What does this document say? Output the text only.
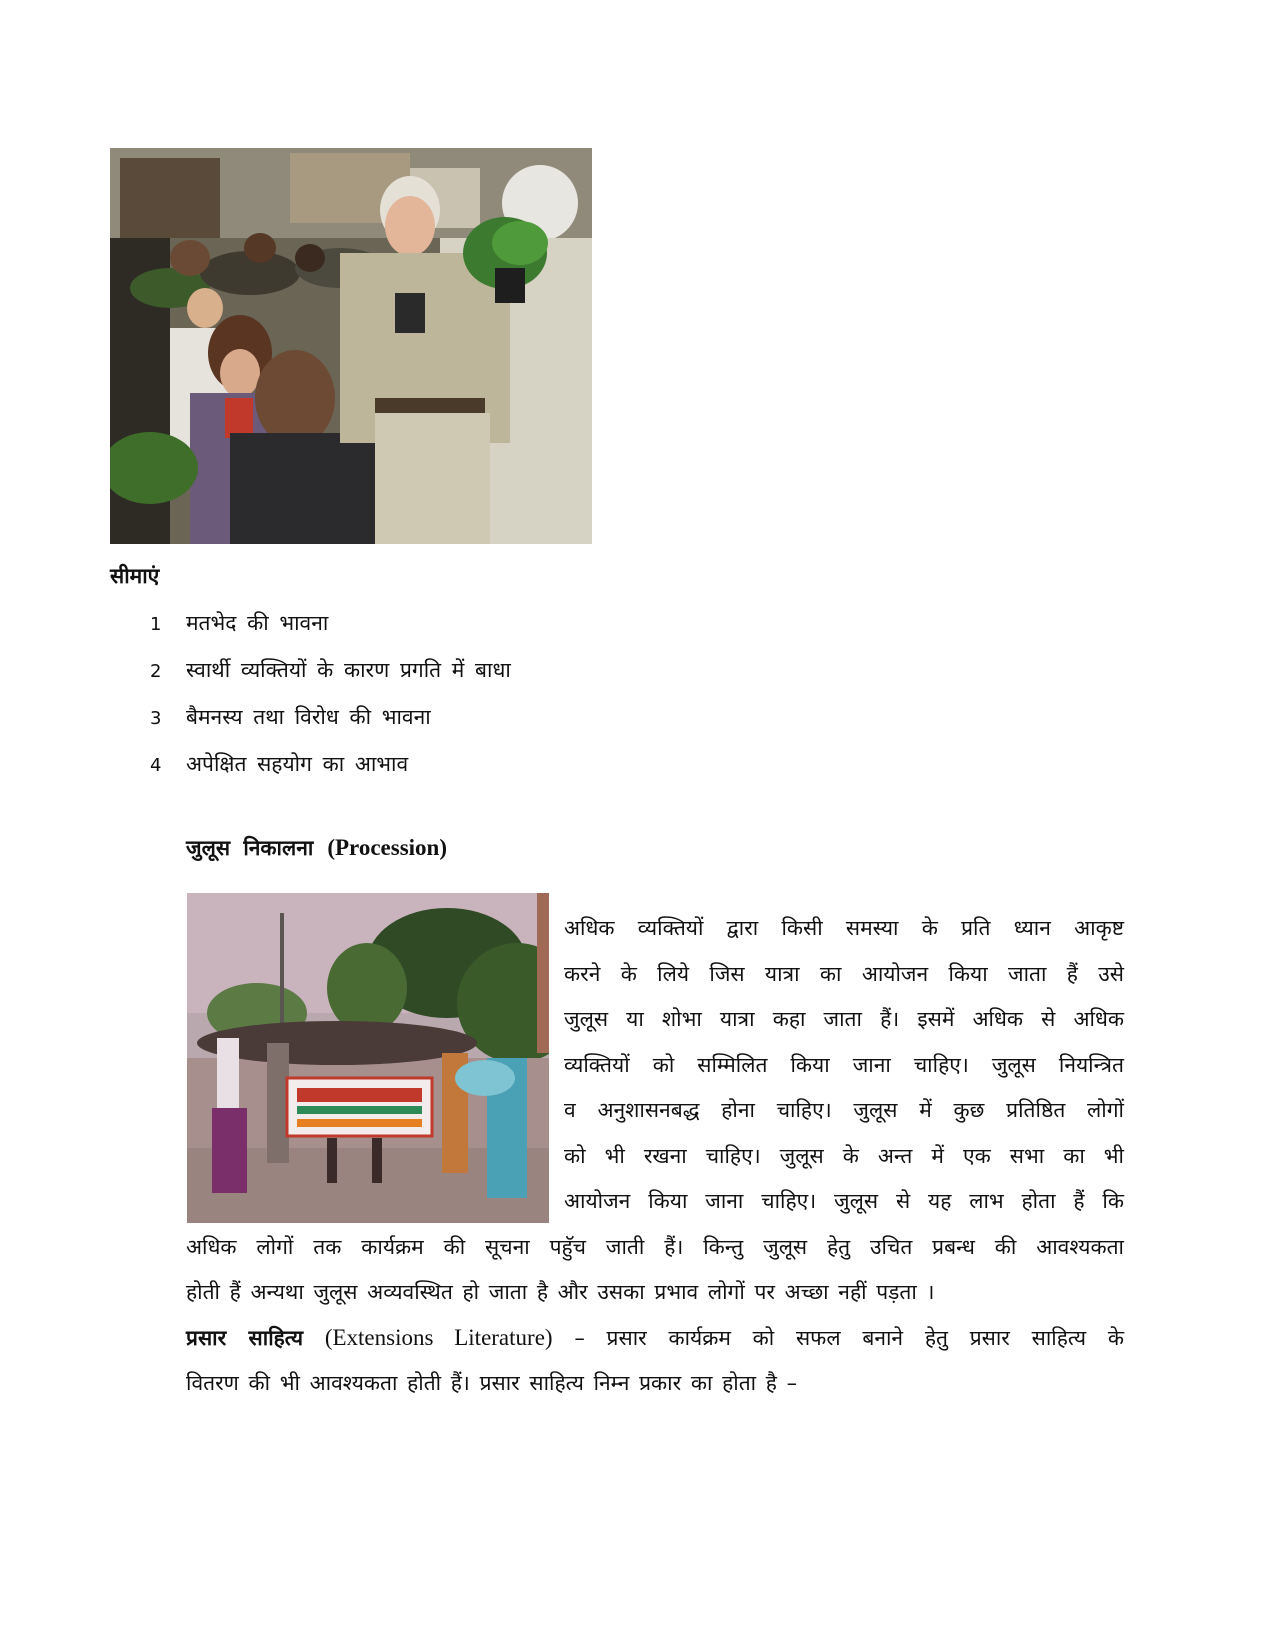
सीमाएं
1 मतभेद की भावना
2 स्वार्थी व्यक्तियों के कारण प्रगति में बाधा
3 बैमनस्य तथा विरोध की भावना
4 अपेक्षित सहयोग का आभाव
जुलूस निकालना (Procession)
अधिक व्यक्तियों द्वारा किसी समस्या के प्रति ध्यान आकृष्ट
करने के लिये जिस यात्रा का आयोजन किया जाता हैं उसे
जुलूस या शोभा यात्रा कहा जाता हैं। इसमें अधिक से अधिक
व्यक्तियों को सम्मिलित किया जाना चाहिए। जुलूस नियन्त्रित
व अनुशासनबद्ध होना चाहिए। जुलूस में कुछ प्रतिष्ठित लोगों
को भी रखना चाहिए। जुलूस के अन्त में एक सभा का भी
आयोजन किया जाना चाहिए। जुलूस से यह लाभ होता हैं कि
अधिक लोगों तक कार्यक्रम की सूचना पहुॅच जाती हैं। किन्तु जुलूस हेतु उचित प्रबन्ध की आवश्यकता
होती हैं अन्यथा जुलूस अव्यवस्थित हो जाता है और उसका प्रभाव लोगों पर अच्छा नहीं पड़ता ।
प्रसार साहित्य (Extensions Literature) – प्रसार कार्यक्रम को सफल बनाने हेतु प्रसार साहित्य के
वितरण की भी आवश्यकता होती हैं। प्रसार साहित्य निम्न प्रकार का होता है –
